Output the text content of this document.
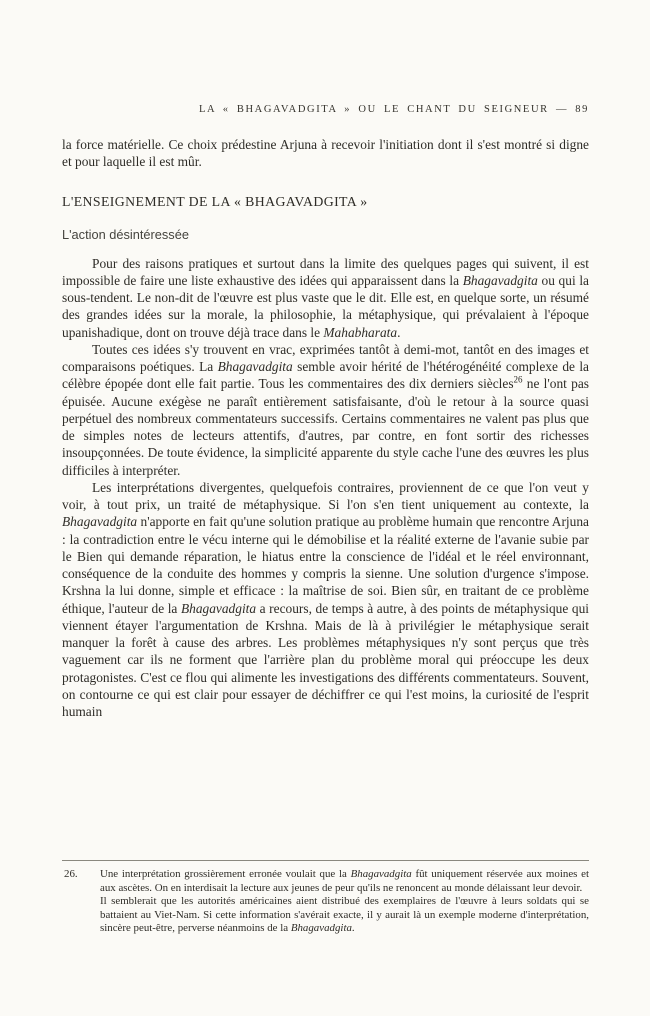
LA « BHAGAVADGITA » OU LE CHANT DU SEIGNEUR — 89

la force matérielle. Ce choix prédestine Arjuna à recevoir l'initiation dont il s'est montré si digne et pour laquelle il est mûr.

L'ENSEIGNEMENT DE LA « BHAGAVADGITA »
L'action désintéressée

Pour des raisons pratiques et surtout dans la limite des quelques pages qui suivent, il est impossible de faire une liste exhaustive des idées qui apparaissent dans la Bhagavadgita ou qui la sous-tendent. Le non-dit de l'œuvre est plus vaste que le dit. Elle est, en quelque sorte, un résumé des grandes idées sur la morale, la philosophie, la métaphysique, qui prévalaient à l'époque upanishadique, dont on trouve déjà trace dans le Mahabharata.

Toutes ces idées s'y trouvent en vrac, exprimées tantôt à demi-mot, tantôt en des images et comparaisons poétiques. La Bhagavadgita semble avoir hérité de l'hétérogénéité complexe de la célèbre épopée dont elle fait partie. Tous les commentaires des dix derniers siècles$^{26}$ ne l'ont pas épuisée. Aucune exégèse ne paraît entièrement satisfaisante, d'où le retour à la source quasi perpétuel des nombreux commentateurs successifs. Certains commentaires ne valent pas plus que de simples notes de lecteurs attentifs, d'autres, par contre, en font sortir des richesses insoupçonnées. De toute évidence, la simplicité apparente du style cache l'une des œuvres les plus difficiles à interpréter.

Les interprétations divergentes, quelquefois contraires, proviennent de ce que l'on veut y voir, à tout prix, un traité de métaphysique. Si l'on s'en tient uniquement au contexte, la Bhagavadgita n'apporte en fait qu'une solution pratique au problème humain que rencontre Arjuna : la contradiction entre le vécu interne qui le démobilise et la réalité externe de l'avanie subie par le Bien qui demande réparation, le hiatus entre la conscience de l'idéal et le réel environnant, conséquence de la conduite des hommes y compris la sienne. Une solution d'urgence s'impose. Krshna la lui donne, simple et efficace : la maîtrise de soi. Bien sûr, en traitant de ce problème éthique, l'auteur de la Bhagavadgita a recours, de temps à autre, à des points de métaphysique qui viennent étayer l'argumentation de Krshna. Mais de là à privilégier le métaphysique serait manquer la forêt à cause des arbres. Les problèmes métaphysiques n'y sont perçus que très vaguement car ils ne forment que l'arrière plan du problème moral qui préoccupe les deux protagonistes. C'est ce flou qui alimente les investigations des différents commentateurs. Souvent, on contourne ce qui est clair pour essayer de déchiffrer ce qui l'est moins, la curiosité de l'esprit humain

26. Une interprétation grossièrement erronée voulait que la Bhagavadgita fût uniquement réservée aux moines et aux ascètes. On en interdisait la lecture aux jeunes de peur qu'ils ne renoncent au monde délaissant leur devoir.

Il semblerait que les autorités américaines aient distribué des exemplaires de l'œuvre à leurs soldats qui se battaient au Viet-Nam. Si cette information s'avérait exacte, il y aurait là un exemple moderne d'interprétation, sincère peut-être, perverse néanmoins de la Bhagavadgita.
